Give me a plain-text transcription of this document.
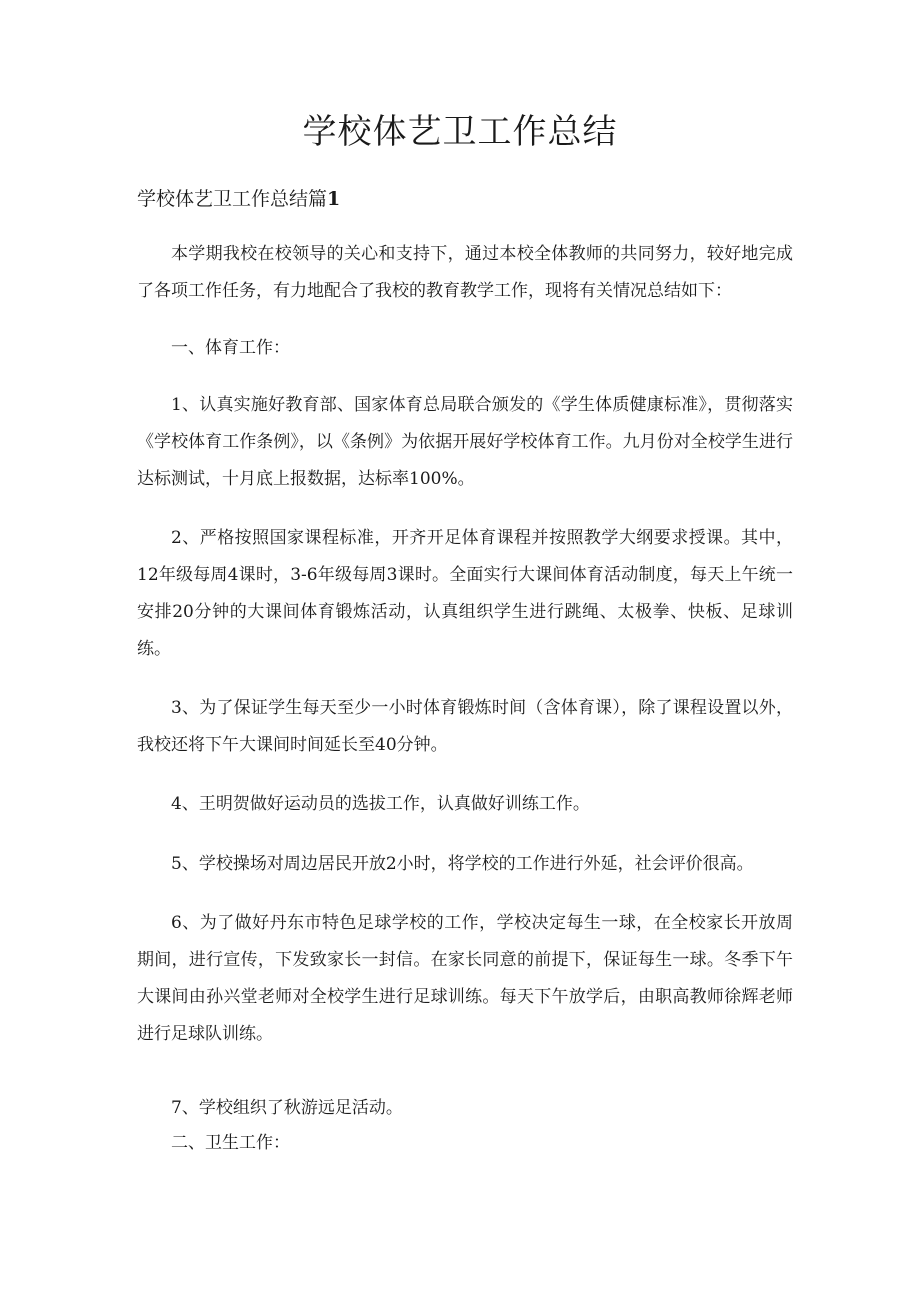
学校体艺卫工作总结
学校体艺卫工作总结篇1

本学期我校在校领导的关心和支持下，通过本校全体教师的共同努力，较好地完成了各项工作任务，有力地配合了我校的教育教学工作，现将有关情况总结如下：

一、体育工作：

1、认真实施好教育部、国家体育总局联合颁发的《学生体质健康标准》，贯彻落实《学校体育工作条例》，以《条例》为依据开展好学校体育工作。九月份对全校学生进行达标测试，十月底上报数据，达标率100%。

2、严格按照国家课程标准，开齐开足体育课程并按照教学大纲要求授课。其中，12年级每周4课时，3-6年级每周3课时。全面实行大课间体育活动制度，每天上午统一安排20分钟的大课间体育锻炼活动，认真组织学生进行跳绳、太极拳、快板、足球训练。

3、为了保证学生每天至少一小时体育锻炼时间（含体育课），除了课程设置以外，我校还将下午大课间时间延长至40分钟。

4、王明贺做好运动员的选拔工作，认真做好训练工作。

5、学校操场对周边居民开放2小时，将学校的工作进行外延，社会评价很高。

6、为了做好丹东市特色足球学校的工作，学校决定每生一球，在全校家长开放周期间，进行宣传，下发致家长一封信。在家长同意的前提下，保证每生一球。冬季下午大课间由孙兴堂老师对全校学生进行足球训练。每天下午放学后，由职高教师徐辉老师进行足球队训练。

7、学校组织了秋游远足活动。

二、卫生工作：
